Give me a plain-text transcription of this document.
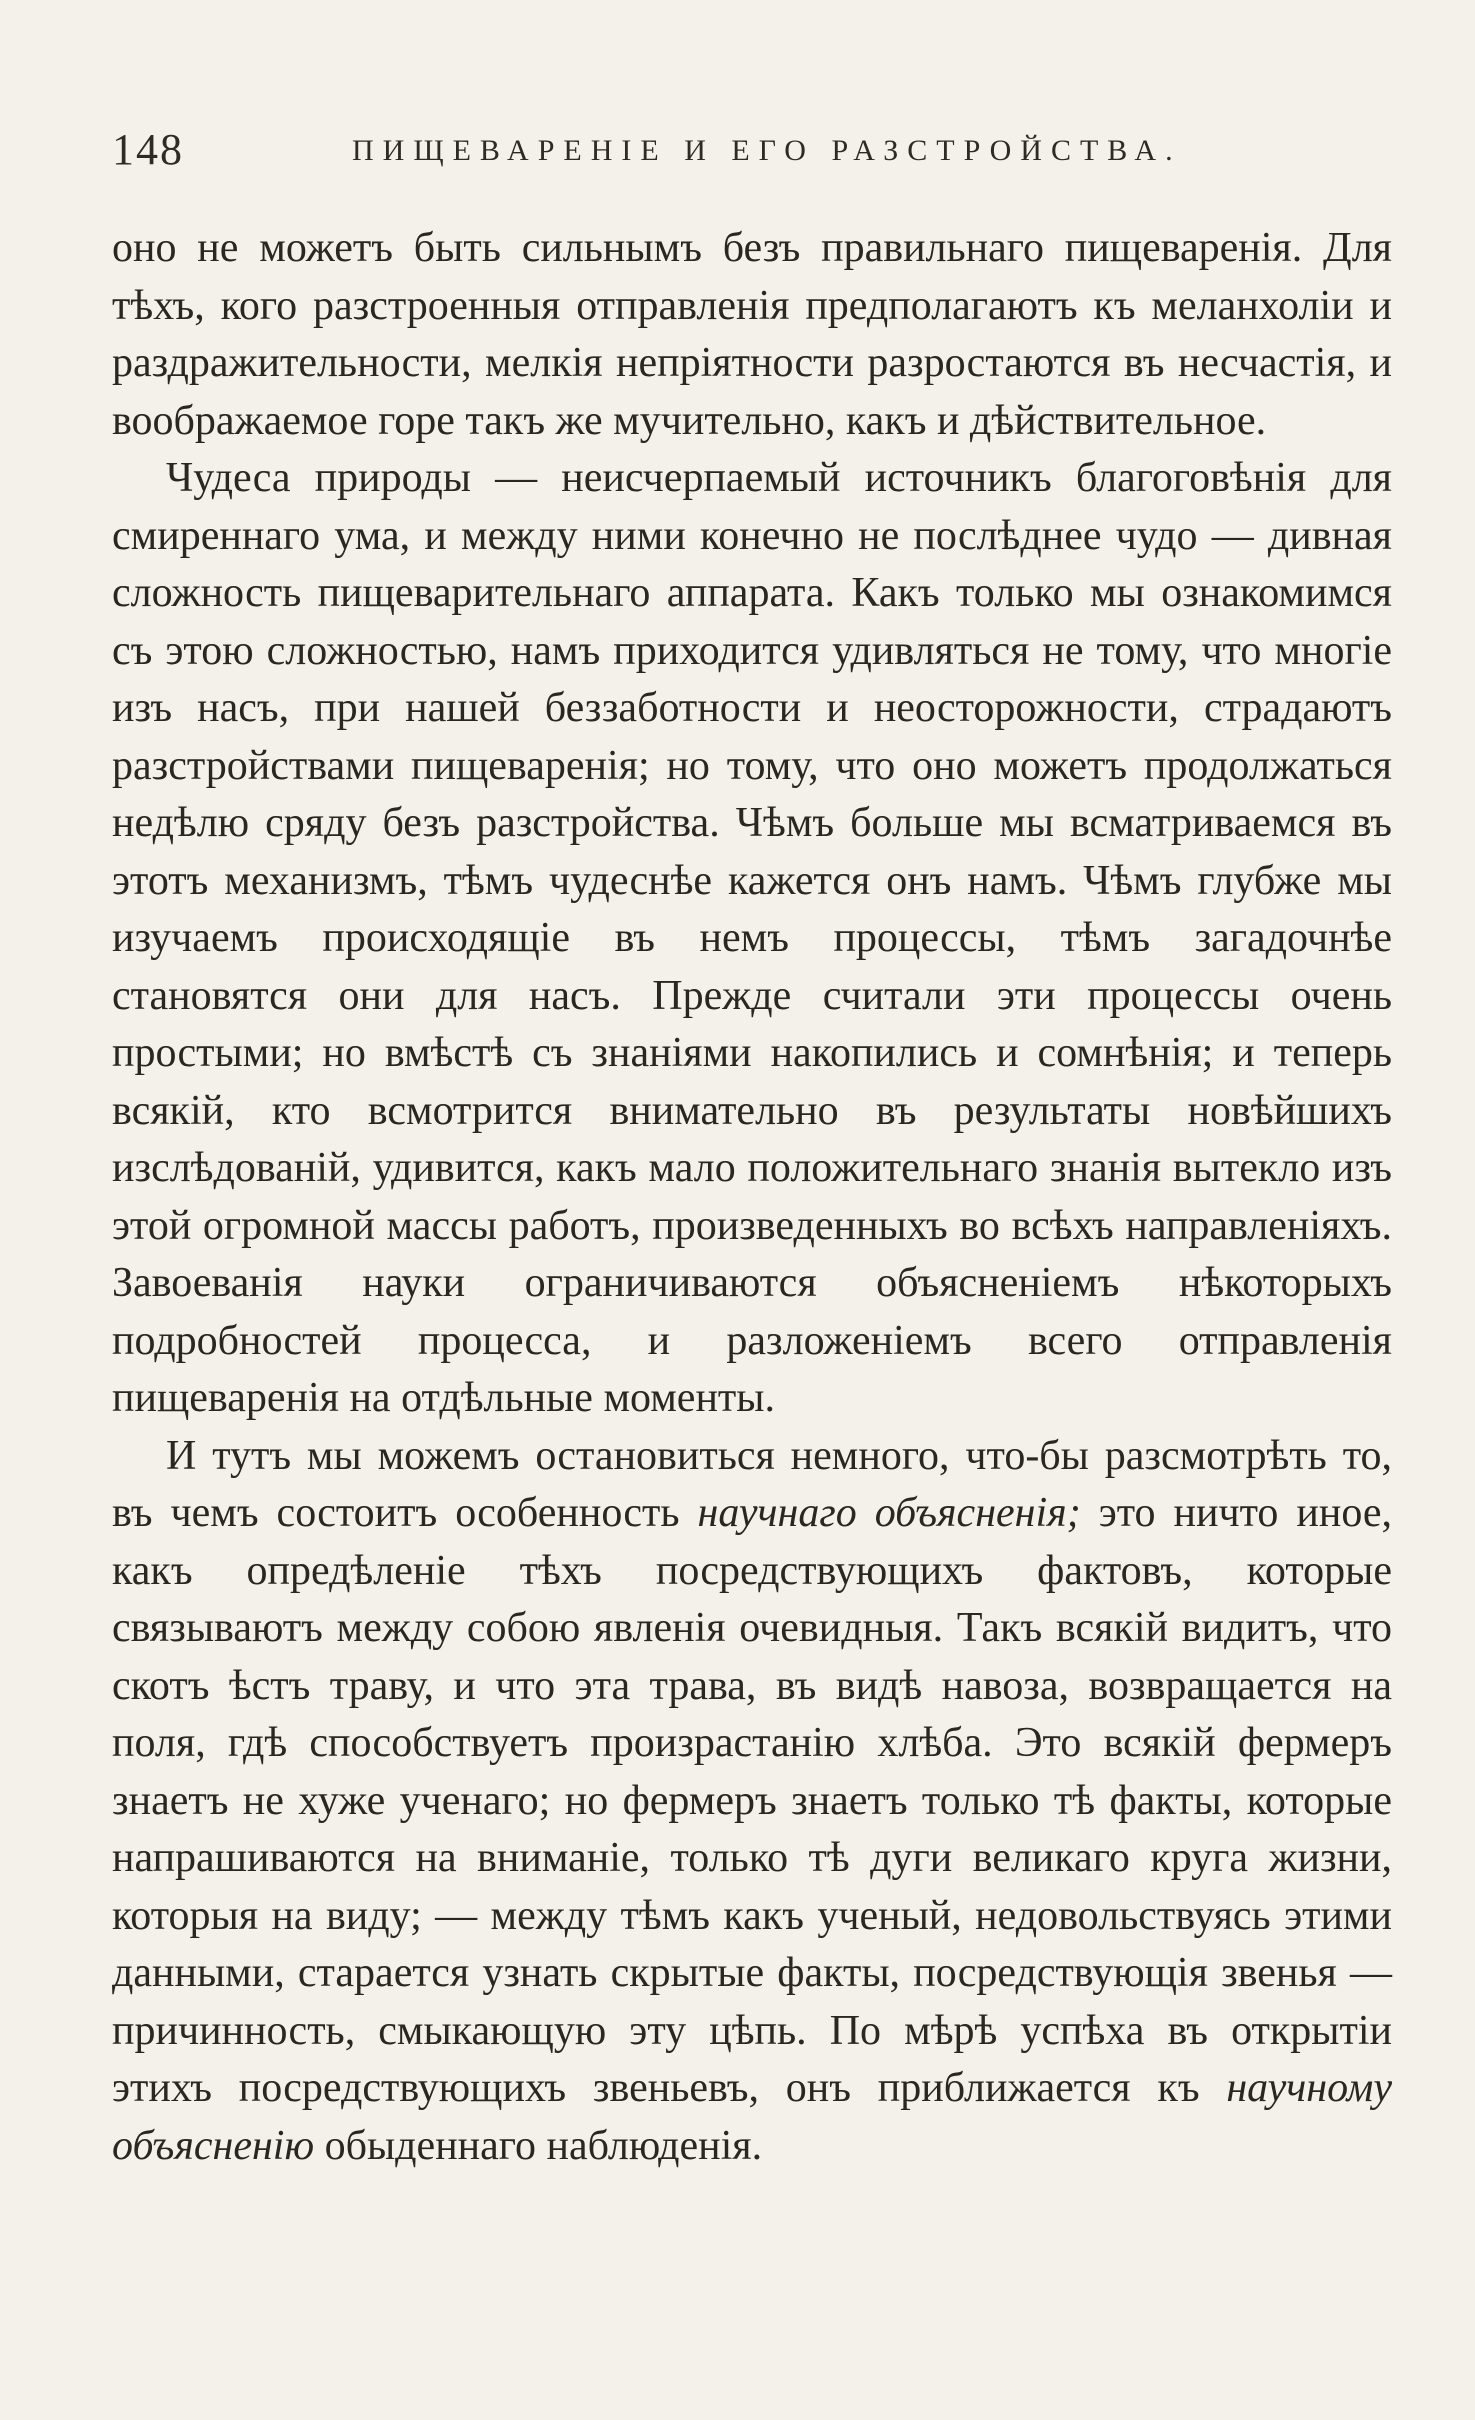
148	ПИЩЕВАРЕНІЕ И ЕГО РАЗСТРОЙСТВА.

оно не можетъ быть сильнымъ безъ правильнаго пищеваренія. Для тѣхъ, кого разстроенныя отправленія предполагаютъ къ меланхоліи и раздражительности, мелкія непріятности разростаются въ несчастія, и воображаемое горе такъ же мучительно, какъ и дѣйствительное.

Чудеса природы — неисчерпаемый источникъ благоговѣнія для смиреннаго ума, и между ними конечно не послѣднее чудо — дивная сложность пищеварительнаго аппарата. Какъ только мы ознакомимся съ этою сложностью, намъ приходится удивляться не тому, что многіе изъ насъ, при нашей беззаботности и неосторожности, страдаютъ разстройствами пищеваренія; но тому, что оно можетъ продолжаться недѣлю сряду безъ разстройства. Чѣмъ больше мы всматриваемся въ этотъ механизмъ, тѣмъ чудеснѣе кажется онъ намъ. Чѣмъ глубже мы изучаемъ происходящіе въ немъ процессы, тѣмъ загадочнѣе становятся они для насъ. Прежде считали эти процессы очень простыми; но вмѣстѣ съ знаніями накопились и сомнѣнія; и теперь всякій, кто всмотрится внимательно въ результаты новѣйшихъ изслѣдованій, удивится, какъ мало положительнаго знанія вытекло изъ этой огромной массы работъ, произведенныхъ во всѣхъ направленіяхъ. Завоеванія науки ограничиваются объясненіемъ нѣкоторыхъ подробностей процесса, и разложеніемъ всего отправленія пищеваренія на отдѣльные моменты.

И тутъ мы можемъ остановиться немного, что-бы разсмотрѣть то, въ чемъ состоитъ особенность научнаго объясненія; это ничто иное, какъ опредѣленіе тѣхъ посредствующихъ фактовъ, которые связываютъ между собою явленія очевидныя. Такъ всякій видитъ, что скотъ ѣстъ траву, и что эта трава, въ видѣ навоза, возвращается на поля, гдѣ способствуетъ произрастанію хлѣба. Это всякій фермеръ знаетъ не хуже ученаго; но фермеръ знаетъ только тѣ факты, которые напрашиваются на вниманіе, только тѣ дуги великаго круга жизни, которыя на виду; — между тѣмъ какъ ученый, недовольствуясь этими данными, старается узнать скрытые факты, посредствующія звенья — причинность, смыкающую эту цѣпь. По мѣрѣ успѣха въ открытіи этихъ посредствующихъ звеньевъ, онъ приближается къ научному объясненію обыденнаго наблюденія.
